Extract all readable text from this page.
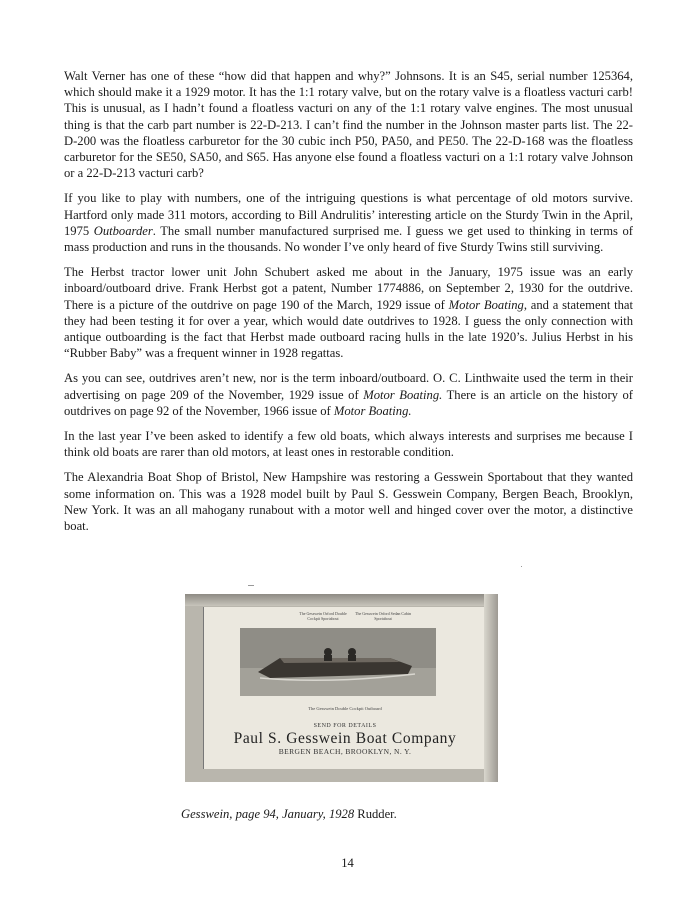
Walt Verner has one of these “how did that happen and why?” Johnsons. It is an S45, serial number 125364, which should make it a 1929 motor. It has the 1:1 rotary valve, but on the rotary valve is a floatless vacturi carb! This is unusual, as I hadn’t found a floatless vacturi on any of the 1:1 rotary valve engines. The most unusual thing is that the carb part number is 22-D-213. I can’t find the number in the Johnson master parts list. The 22-D-200 was the floatless carburetor for the 30 cubic inch P50, PA50, and PE50. The 22-D-168 was the floatless carburetor for the SE50, SA50, and S65. Has anyone else found a floatless vacturi on a 1:1 rotary valve Johnson or a 22-D-213 vacturi carb?

If you like to play with numbers, one of the intriguing questions is what percentage of old motors survive. Hartford only made 311 motors, according to Bill Andrulitis’ interesting article on the Sturdy Twin in the April, 1975 Outboarder. The small number manufactured surprised me. I guess we get used to thinking in terms of mass production and runs in the thousands. No wonder I’ve only heard of five Sturdy Twins still surviving.

The Herbst tractor lower unit John Schubert asked me about in the January, 1975 issue was an early inboard/outboard drive. Frank Herbst got a patent, Number 1774886, on September 2, 1930 for the outdrive. There is a picture of the outdrive on page 190 of the March, 1929 issue of Motor Boating, and a statement that they had been testing it for over a year, which would date outdrives to 1928. I guess the only connection with antique outboarding is the fact that Herbst made outboard racing hulls in the late 1920’s. Julius Herbst in his “Rubber Baby” was a frequent winner in 1928 regattas.

As you can see, outdrives aren’t new, nor is the term inboard/outboard. O. C. Linthwaite used the term in their advertising on page 209 of the November, 1929 issue of Motor Boating. There is an article on the history of outdrives on page 92 of the November, 1966 issue of Motor Boating.

In the last year I’ve been asked to identify a few old boats, which always interests and surprises me because I think old boats are rarer than old motors, at least ones in restorable condition.

The Alexandria Boat Shop of Bristol, New Hampshire was restoring a Gesswein Sportabout that they wanted some information on. This was a 1928 model built by Paul S. Gesswein Company, Bergen Beach, Brooklyn, New York. It was an all mahogany runabout with a motor well and hinged cover over the motor, a distinctive boat.

The Gesswein Orford Double Cockpit Sportabout
The Gesswein Orford Sedan Cabin Sportabout
The Gesswein Double Cockpit Outboard
SEND FOR DETAILS
Paul S. Gesswein Boat Company
BERGEN BEACH, BROOKLYN, N. Y.
Gesswein, page 94, January, 1928 Rudder.
14
